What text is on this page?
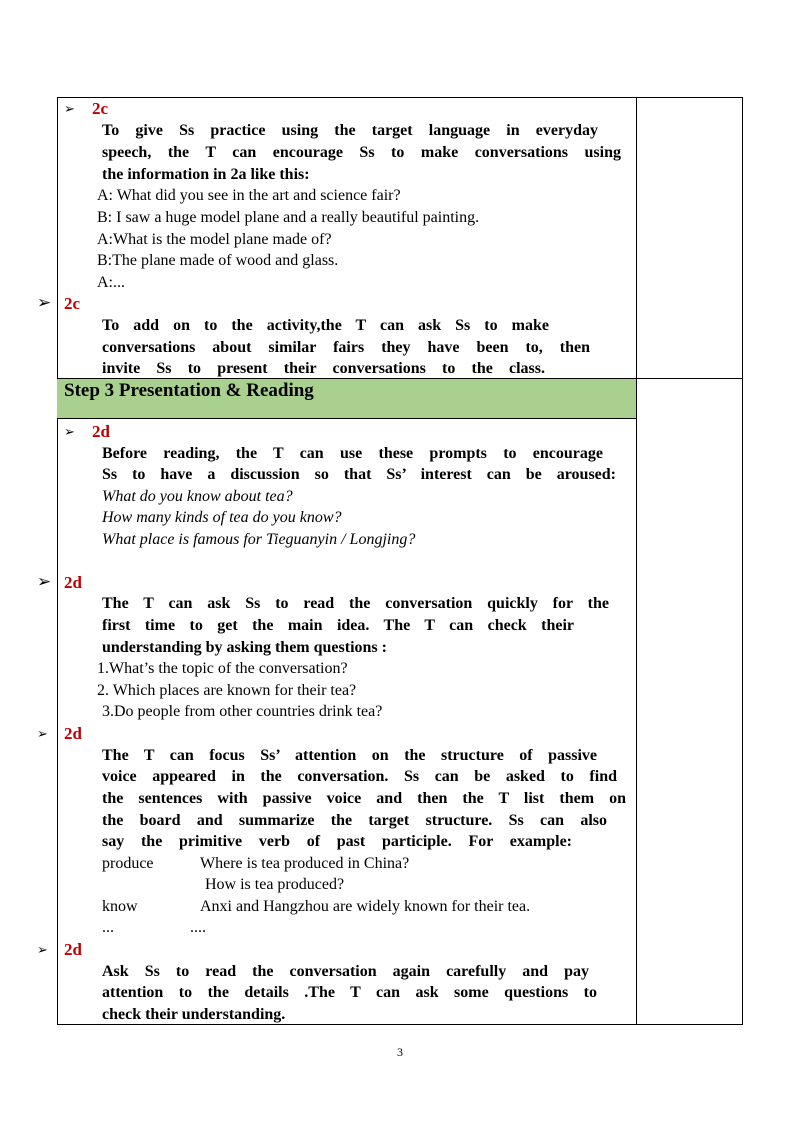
Step 3 Presentation & Reading
➢ 2c
To give Ss practice using the target language in everyday
speech, the T can encourage Ss to make conversations using
the information in 2a like this:
A: What did you see in the art and science fair?
B: I saw a huge model plane and a really beautiful painting.
A:What is the model plane made of?
B:The plane made of wood and glass.
A:...
➢ 2c
To add on to the activity,the T can ask Ss to make
conversations about similar fairs they have been to, then
invite Ss to present their conversations to the class.
➢ 2d
Before reading, the T can use these prompts to encourage
Ss to have a discussion so that Ss’ interest can be aroused:
What do you know about tea?
How many kinds of tea do you know?
What place is famous for Tieguanyin / Longjing?
➢ 2d
The T can ask Ss to read the conversation quickly for the
first time to get the main idea. The T can check their
understanding by asking them questions :
1.What’s the topic of the conversation?
2. Which places are known for their tea?
3.Do people from other countries drink tea?
➢ 2d
The T can focus Ss’ attention on the structure of passive
voice appeared in the conversation. Ss can be asked to find
the sentences with passive voice and then the T list them on
the board and summarize the target structure. Ss can also
say the primitive verb of past participle. For example:
produce	Where is tea produced in China?
How is tea produced?
know	Anxi and Hangzhou are widely known for their tea.
...	....
➢ 2d
Ask Ss to read the conversation again carefully and pay
attention to the details .The T can ask some questions to
check their understanding.
3
